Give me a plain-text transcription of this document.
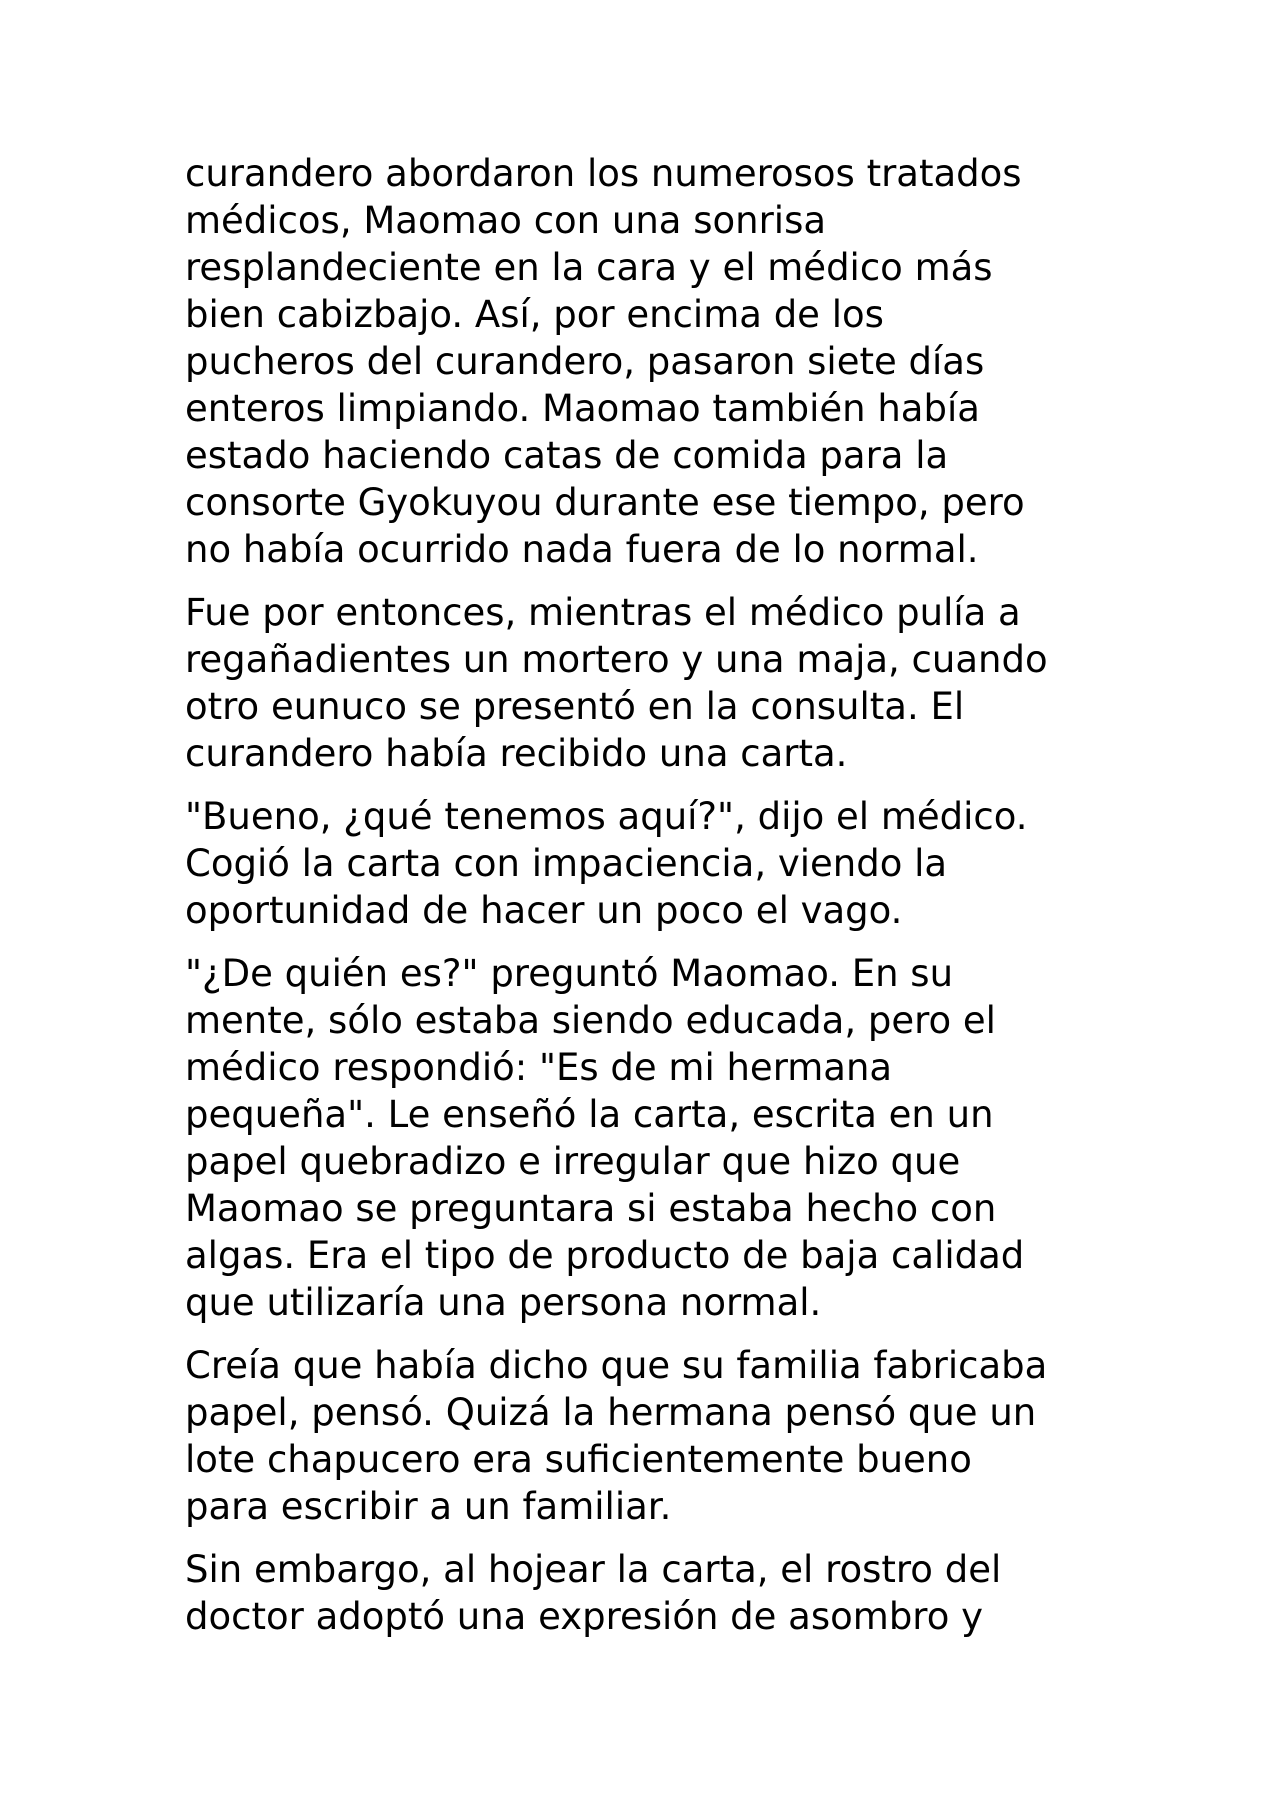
curandero abordaron los numerosos tratados
médicos, Maomao con una sonrisa
resplandeciente en la cara y el médico más
bien cabizbajo. Así, por encima de los
pucheros del curandero, pasaron siete días
enteros limpiando. Maomao también había
estado haciendo catas de comida para la
consorte Gyokuyou durante ese tiempo, pero
no había ocurrido nada fuera de lo normal.

Fue por entonces, mientras el médico pulía a
regañadientes un mortero y una maja, cuando
otro eunuco se presentó en la consulta. El
curandero había recibido una carta.

"Bueno, ¿qué tenemos aquí?", dijo el médico.
Cogió la carta con impaciencia, viendo la
oportunidad de hacer un poco el vago.

"¿De quién es?" preguntó Maomao. En su
mente, sólo estaba siendo educada, pero el
médico respondió: "Es de mi hermana
pequeña". Le enseñó la carta, escrita en un
papel quebradizo e irregular que hizo que
Maomao se preguntara si estaba hecho con
algas. Era el tipo de producto de baja calidad
que utilizaría una persona normal.

Creía que había dicho que su familia fabricaba
papel, pensó. Quizá la hermana pensó que un
lote chapucero era suficientemente bueno
para escribir a un familiar.

Sin embargo, al hojear la carta, el rostro del
doctor adoptó una expresión de asombro y
